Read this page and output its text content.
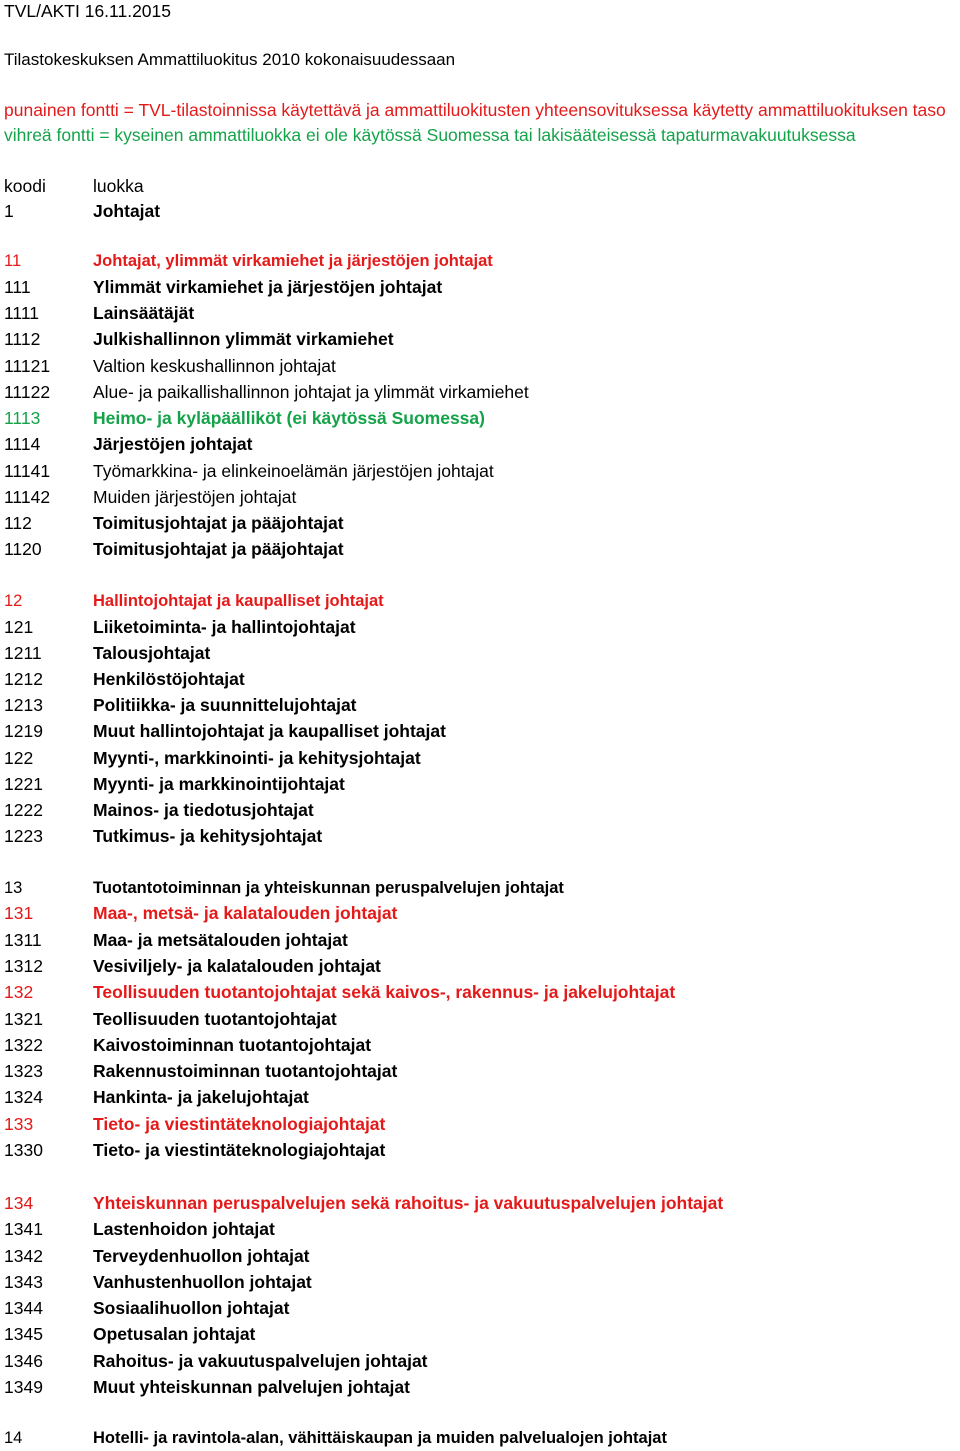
TVL/AKTI 16.11.2015
Tilastokeskuksen Ammattiluokitus 2010 kokonaisuudessaan
punainen fontti = TVL-tilastoinnissa käytettävä ja ammattiluokitusten yhteensovituksessa käytetty ammattiluokituksen taso
vihreä fontti = kyseinen ammattiluokka ei ole käytössä Suomessa tai lakisääteisessä tapaturmavakuutuksessa
koodi	luokka
1	Johtajat
11	Johtajat, ylimmät virkamiehet ja järjestöjen johtajat
111	Ylimmät virkamiehet ja järjestöjen johtajat
1111	Lainsäätäjät
1112	Julkishallinnon ylimmät virkamiehet
11121 Valtion keskushallinnon johtajat
11122 Alue- ja paikallishallinnon johtajat ja ylimmät virkamiehet
1113	Heimo- ja kyläpäälliköt (ei käytössä Suomessa)
1114	Järjestöjen johtajat
11141 Työmarkkina- ja elinkeinoelämän järjestöjen johtajat
11142 Muiden järjestöjen johtajat
112	Toimitusjohtajat ja pääjohtajat
1120	Toimitusjohtajat ja pääjohtajat
12	Hallintojohtajat ja kaupalliset johtajat
121	Liiketoiminta- ja hallintojohtajat
1211	Talousjohtajat
1212	Henkilöstöjohtajat
1213	Politiikka- ja suunnittelujohtajat
1219	Muut hallintojohtajat ja kaupalliset johtajat
122	Myynti-, markkinointi- ja kehitysjohtajat
1221	Myynti- ja markkinointijohtajat
1222	Mainos- ja tiedotusjohtajat
1223	Tutkimus- ja kehitysjohtajat
13	Tuotantotoiminnan ja yhteiskunnan peruspalvelujen johtajat
131	Maa-, metsä- ja kalatalouden johtajat
1311	Maa- ja metsätalouden johtajat
1312	Vesiviljely- ja kalatalouden johtajat
132	Teollisuuden tuotantojohtajat sekä kaivos-, rakennus- ja jakelujohtajat
1321	Teollisuuden tuotantojohtajat
1322	Kaivostoiminnan tuotantojohtajat
1323	Rakennustoiminnan tuotantojohtajat
1324	Hankinta- ja jakelujohtajat
133	Tieto- ja viestintäteknologiajohtajat
1330	Tieto- ja viestintäteknologiajohtajat
134	Yhteiskunnan peruspalvelujen sekä rahoitus- ja vakuutuspalvelujen johtajat
1341	Lastenhoidon johtajat
1342	Terveydenhuollon johtajat
1343	Vanhustenhuollon johtajat
1344	Sosiaalihuollon johtajat
1345	Opetusalan johtajat
1346	Rahoitus- ja vakuutuspalvelujen johtajat
1349	Muut yhteiskunnan palvelujen johtajat
14	Hotelli- ja ravintola-alan, vähittäiskaupan ja muiden palvelualojen johtajat
